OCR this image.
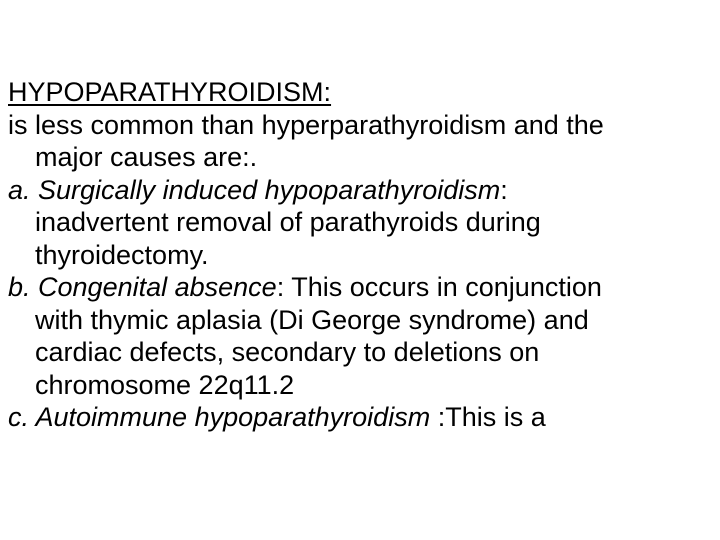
HYPOPARATHYROIDISM:

is less common than hyperparathyroidism and the

major causes are:.

a. Surgically induced hypoparathyroidism:

inadvertent removal of parathyroids during

thyroidectomy.

b. Congenital absence: This occurs in conjunction

with thymic aplasia (Di George syndrome) and

cardiac defects, secondary to deletions on

chromosome 22q11.2

c. Autoimmune hypoparathyroidism :This is a
